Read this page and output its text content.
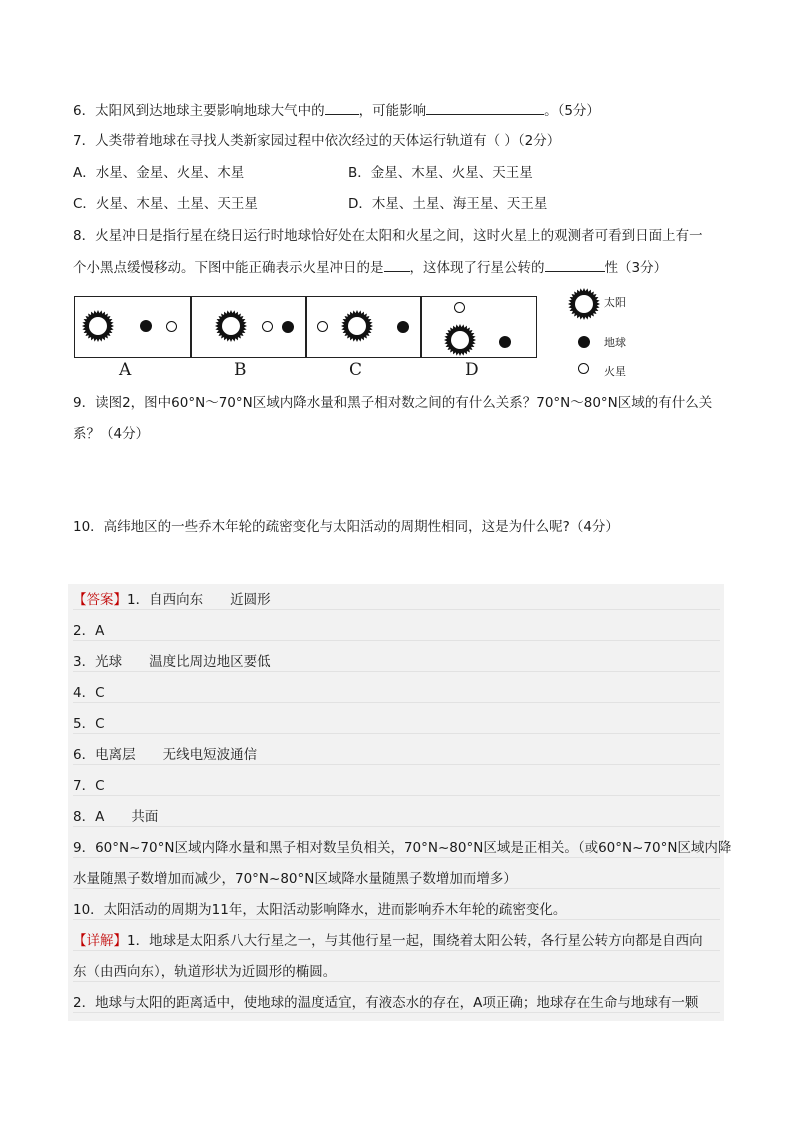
6．太阳风到达地球主要影响地球大气中的	，可能影响	。（5分）
7．人类带着地球在寻找人类新家园过程中依次经过的天体运行轨道有（ ）（2分）
A．水星、金星、火星、木星	B．金星、木星、火星、天王星
C．火星、木星、土星、天王星	D．木星、土星、海王星、天王星
8．火星冲日是指行星在绕日运行时地球恰好处在太阳和火星之间，这时火星上的观测者可看到日面上有一
个小黑点缓慢移动。下图中能正确表示火星冲日的是 ，这体现了行星公转的	性（3分）
A	B	C	D
太阳
地球
火星
9．读图2，图中60°N～70°N区域内降水量和黑子相对数之间的有什么关系？70°N～80°N区域的有什么关
系？（4分）
10．高纬地区的一些乔木年轮的疏密变化与太阳活动的周期性相同，这是为什么呢?（4分）
【答案】1．自西向东　　近圆形
2．A
3．光球　　温度比周边地区要低
4．C
5．C
6．电离层　　无线电短波通信
7．C
8．A　　共面
9．60°N~70°N区域内降水量和黑子相对数呈负相关，70°N~80°N区域是正相关。（或60°N~70°N区域内降
水量随黑子数增加而减少，70°N~80°N区域降水量随黑子数增加而增多）
10．太阳活动的周期为11年，太阳活动影响降水，进而影响乔木年轮的疏密变化。
【详解】1．地球是太阳系八大行星之一，与其他行星一起，围绕着太阳公转，各行星公转方向都是自西向
东（由西向东），轨道形状为近圆形的椭圆。
2．地球与太阳的距离适中，使地球的温度适宜，有液态水的存在，A项正确；地球存在生命与地球有一颗
